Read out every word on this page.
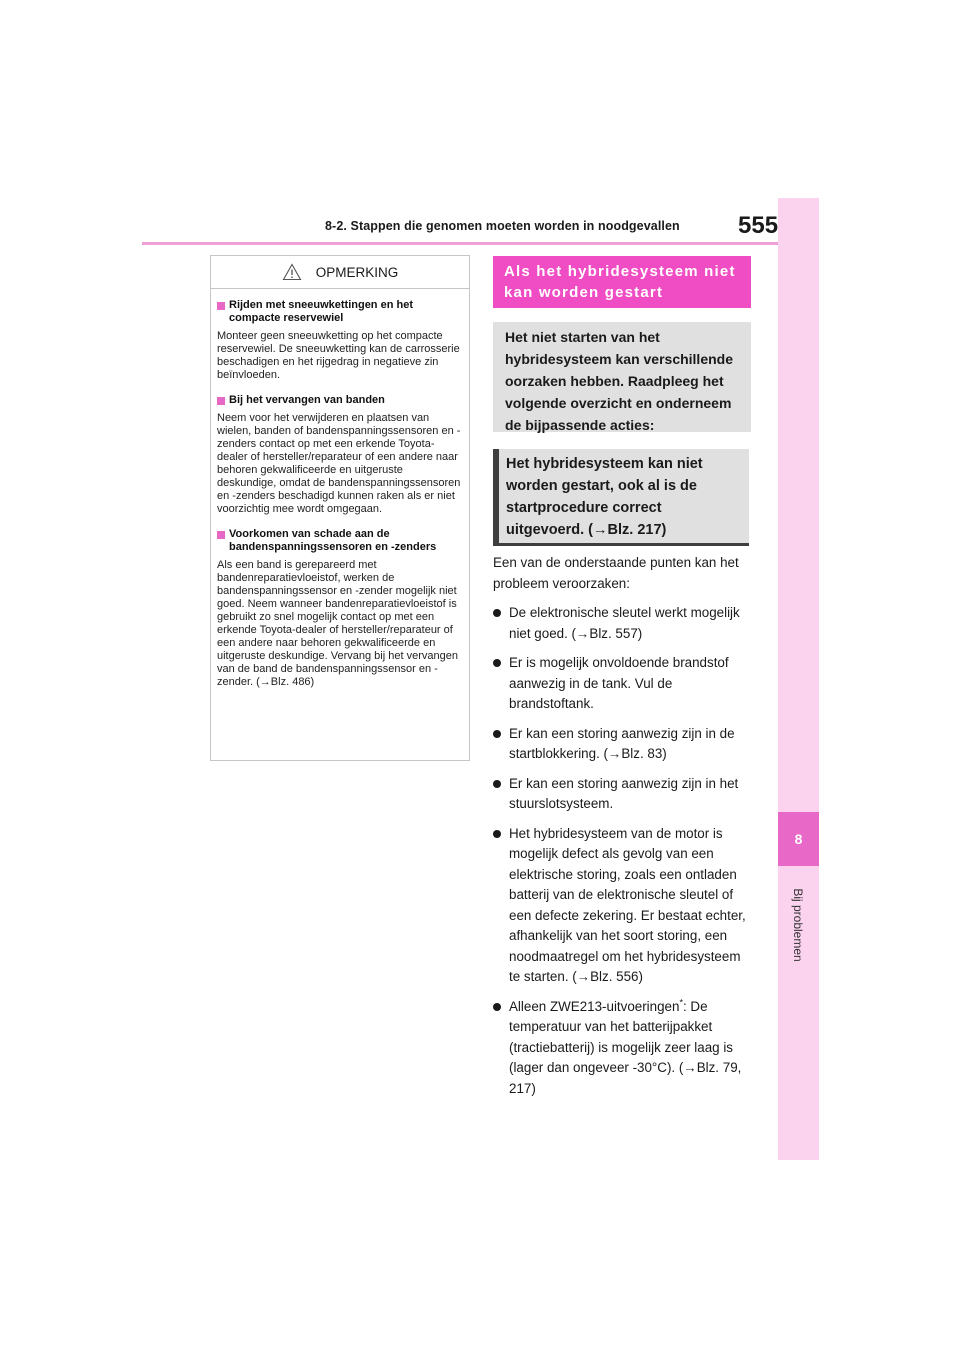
8-2. Stappen die genomen moeten worden in noodgevallen	555
8
Bij problemen
OPMERKING
Rijden met sneeuwkettingen en het compacte reservewiel
Monteer geen sneeuwketting op het compacte reservewiel. De sneeuwketting kan de carrosserie beschadigen en het rijgedrag in negatieve zin beïnvloeden.
Bij het vervangen van banden
Neem voor het verwijderen en plaatsen van wielen, banden of bandenspanningssensoren en -zenders contact op met een erkende Toyota-dealer of hersteller/reparateur of een andere naar behoren gekwalificeerde en uitgeruste deskundige, omdat de bandenspanningssensoren en -zenders beschadigd kunnen raken als er niet voorzichtig mee wordt omgegaan.
Voorkomen van schade aan de bandenspanningssensoren en -zenders
Als een band is gerepareerd met bandenreparatievloeistof, werken de bandenspanningssensor en -zender mogelijk niet goed. Neem wanneer bandenreparatievloeistof is gebruikt zo snel mogelijk contact op met een erkende Toyota-dealer of hersteller/reparateur of een andere naar behoren gekwalificeerde en uitgeruste deskundige. Vervang bij het vervangen van de band de bandenspanningssensor en -zender. (→Blz. 486)
Als het hybridesysteem niet kan worden gestart
Het niet starten van het hybridesysteem kan verschillende oorzaken hebben. Raadpleeg het volgende overzicht en onderneem de bijpassende acties:
Het hybridesysteem kan niet worden gestart, ook al is de startprocedure correct uitgevoerd. (→Blz. 217)

Een van de onderstaande punten kan het probleem veroorzaken:

De elektronische sleutel werkt mogelijk niet goed. (→Blz. 557)
Er is mogelijk onvoldoende brandstof aanwezig in de tank. Vul de brandstoftank.
Er kan een storing aanwezig zijn in de startblokkering. (→Blz. 83)
Er kan een storing aanwezig zijn in het stuurslotsysteem.
Het hybridesysteem van de motor is mogelijk defect als gevolg van een elektrische storing, zoals een ontladen batterij van de elektronische sleutel of een defecte zekering. Er bestaat echter, afhankelijk van het soort storing, een noodmaatregel om het hybridesysteem te starten. (→Blz. 556)
Alleen ZWE213-uitvoeringen*: De temperatuur van het batterijpakket (tractiebatterij) is mogelijk zeer laag is (lager dan ongeveer -30°C). (→Blz. 79, 217)
